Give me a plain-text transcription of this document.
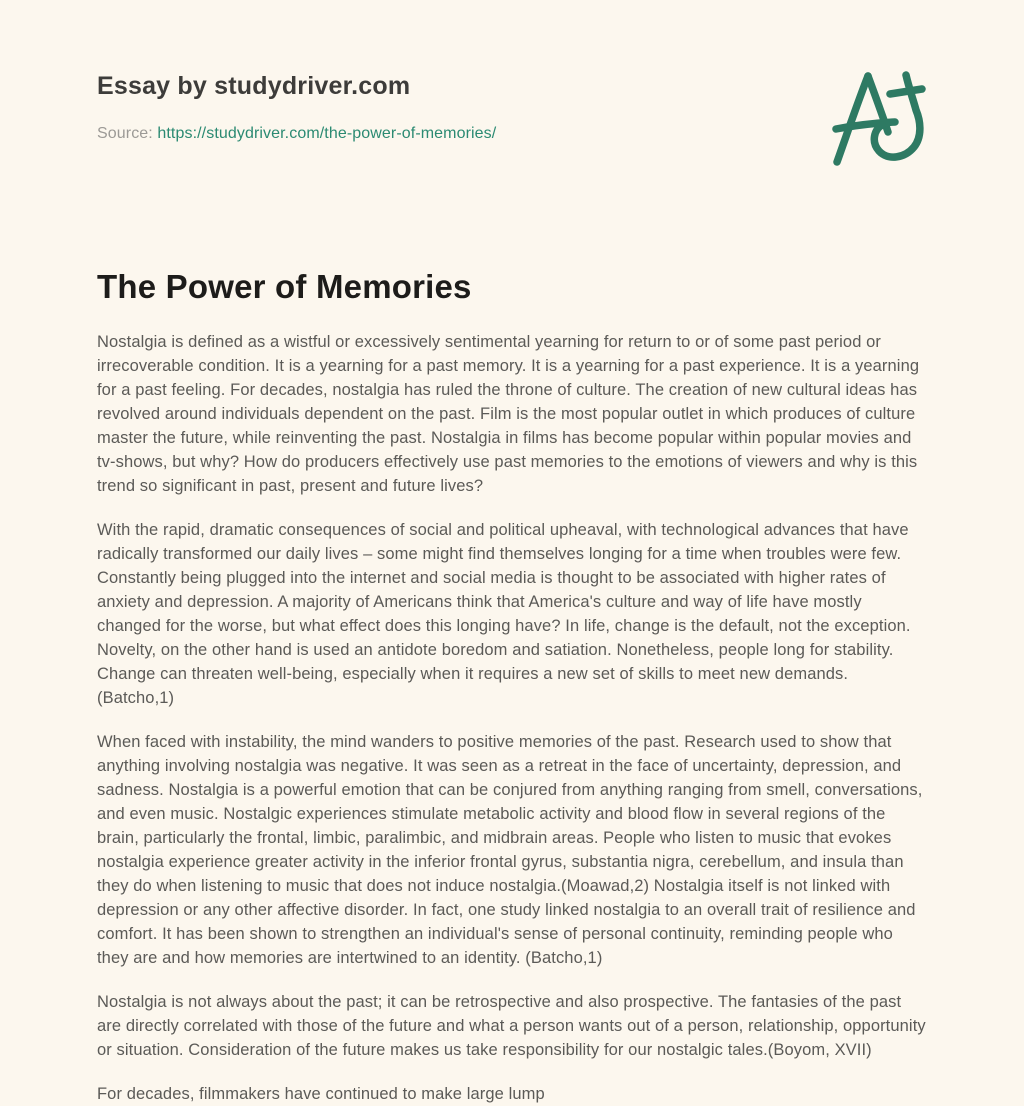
Essay by studydriver.com

Source: https://studydriver.com/the-power-of-memories/

The Power of Memories

Nostalgia is defined as a wistful or excessively sentimental yearning for return to or of some past period or irrecoverable condition. It is a yearning for a past memory. It is a yearning for a past experience. It is a yearning for a past feeling. For decades, nostalgia has ruled the throne of culture. The creation of new cultural ideas has revolved around individuals dependent on the past. Film is the most popular outlet in which produces of culture master the future, while reinventing the past. Nostalgia in films has become popular within popular movies and tv-shows, but why? How do producers effectively use past memories to the emotions of viewers and why is this trend so significant in past, present and future lives?

With the rapid, dramatic consequences of social and political upheaval, with technological advances that have radically transformed our daily lives – some might find themselves longing for a time when troubles were few. Constantly being plugged into the internet and social media is thought to be associated with higher rates of anxiety and depression. A majority of Americans think that America's culture and way of life have mostly changed for the worse, but what effect does this longing have? In life, change is the default, not the exception. Novelty, on the other hand is used an antidote boredom and satiation. Nonetheless, people long for stability. Change can threaten well-being, especially when it requires a new set of skills to meet new demands. (Batcho,1)

When faced with instability, the mind wanders to positive memories of the past. Research used to show that anything involving nostalgia was negative. It was seen as a retreat in the face of uncertainty, depression, and sadness. Nostalgia is a powerful emotion that can be conjured from anything ranging from smell, conversations, and even music. Nostalgic experiences stimulate metabolic activity and blood flow in several regions of the brain, particularly the frontal, limbic, paralimbic, and midbrain areas. People who listen to music that evokes nostalgia experience greater activity in the inferior frontal gyrus, substantia nigra, cerebellum, and insula than they do when listening to music that does not induce nostalgia.(Moawad,2) Nostalgia itself is not linked with depression or any other affective disorder. In fact, one study linked nostalgia to an overall trait of resilience and comfort. It has been shown to strengthen an individual's sense of personal continuity, reminding people who they are and how memories are intertwined to an identity. (Batcho,1)

Nostalgia is not always about the past; it can be retrospective and also prospective. The fantasies of the past are directly correlated with those of the future and what a person wants out of a person, relationship, opportunity or situation. Consideration of the future makes us take responsibility for our nostalgic tales.(Boyom, XVII)

For decades, filmmakers have continued to make large lump
